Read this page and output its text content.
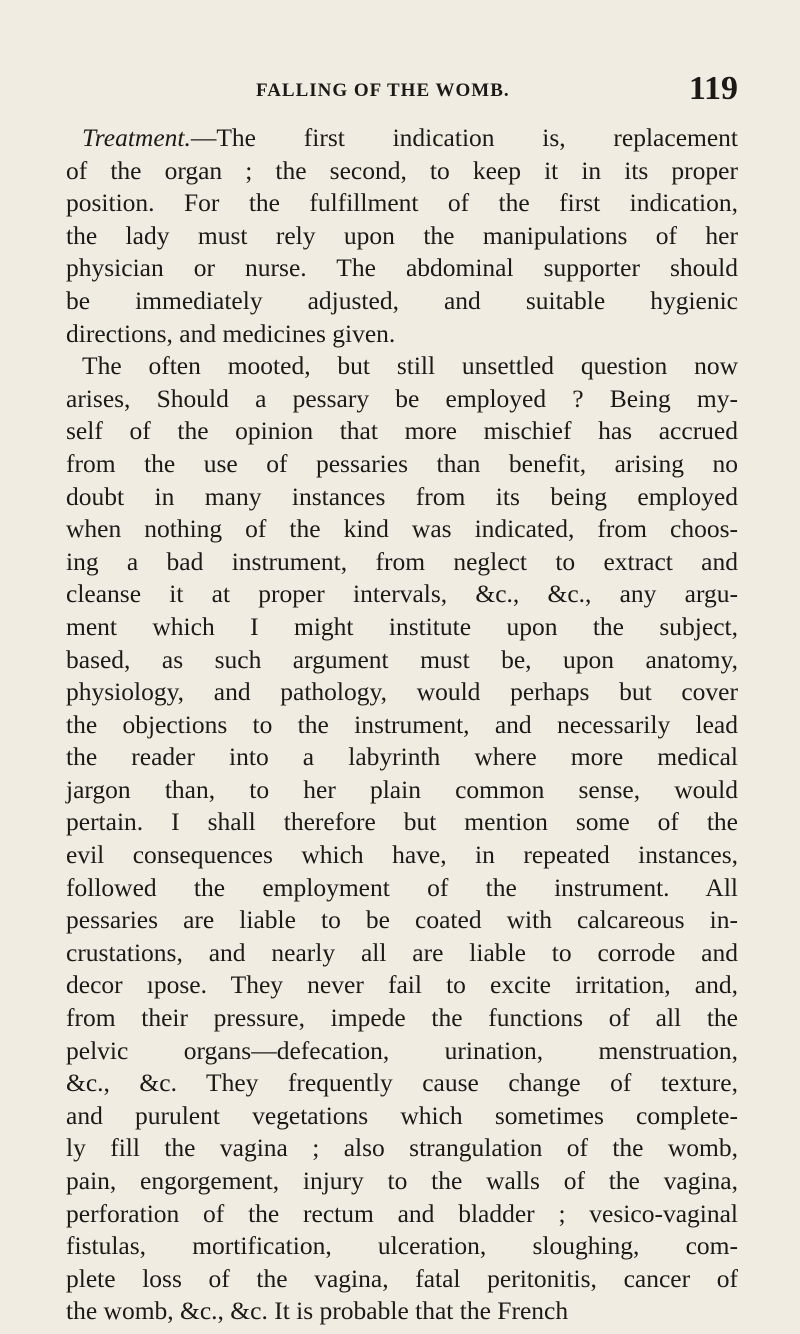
FALLING OF THE WOMB.	119
Treatment.—The first indication is, replacement
of the organ ; the second, to keep it in its proper
position. For the fulfillment of the first indication,
the lady must rely upon the manipulations of her
physician or nurse. The abdominal supporter should
be immediately adjusted, and suitable hygienic
directions, and medicines given.
The often mooted, but still unsettled question now
arises, Should a pessary be employed ? Being my-
self of the opinion that more mischief has accrued
from the use of pessaries than benefit, arising no
doubt in many instances from its being employed
when nothing of the kind was indicated, from choos-
ing a bad instrument, from neglect to extract and
cleanse it at proper intervals, &c., &c., any argu-
ment which I might institute upon the subject,
based, as such argument must be, upon anatomy,
physiology, and pathology, would perhaps but cover
the objections to the instrument, and necessarily lead
the reader into a labyrinth where more medical
jargon than, to her plain common sense, would
pertain. I shall therefore but mention some of the
evil consequences which have, in repeated instances,
followed the employment of the instrument. All
pessaries are liable to be coated with calcareous in-
crustations, and nearly all are liable to corrode and
decor ıpose. They never fail to excite irritation, and,
from their pressure, impede the functions of all the
pelvic organs—defecation, urination, menstruation,
&c., &c. They frequently cause change of texture,
and purulent vegetations which sometimes complete-
ly fill the vagina ; also strangulation of the womb,
pain, engorgement, injury to the walls of the vagina,
perforation of the rectum and bladder ; vesico-vaginal
fistulas, mortification, ulceration, sloughing, com-
plete loss of the vagina, fatal peritonitis, cancer of
the womb, &c., &c. It is probable that the French
